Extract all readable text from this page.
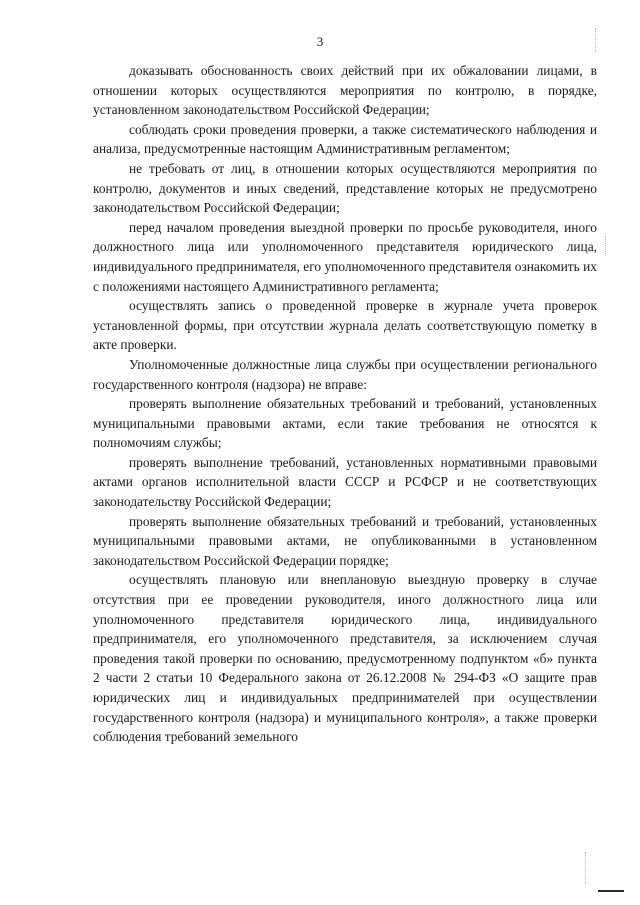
3

доказывать обоснованность своих действий при их обжаловании лицами, в отношении которых осуществляются мероприятия по контролю, в порядке, установленном законодательством Российской Федерации;

соблюдать сроки проведения проверки, а также систематического наблюдения и анализа, предусмотренные настоящим Административным регламентом;

не требовать от лиц, в отношении которых осуществляются мероприятия по контролю, документов и иных сведений, представление которых не предусмотрено законодательством Российской Федерации;

перед началом проведения выездной проверки по просьбе руководителя, иного должностного лица или уполномоченного представителя юридического лица, индивидуального предпринимателя, его уполномоченного представителя ознакомить их с положениями настоящего Административного регламента;

осуществлять запись о проведенной проверке в журнале учета проверок установленной формы, при отсутствии журнала делать соответствующую пометку в акте проверки.

Уполномоченные должностные лица службы при осуществлении регионального государственного контроля (надзора) не вправе:

проверять выполнение обязательных требований и требований, установленных муниципальными правовыми актами, если такие требования не относятся к полномочиям службы;

проверять выполнение требований, установленных нормативными правовыми актами органов исполнительной власти СССР и РСФСР и не соответствующих законодательству Российской Федерации;

проверять выполнение обязательных требований и требований, установленных муниципальными правовыми актами, не опубликованными в установленном законодательством Российской Федерации порядке;

осуществлять плановую или внеплановую выездную проверку в случае отсутствия при ее проведении руководителя, иного должностного лица или уполномоченного представителя юридического лица, индивидуального предпринимателя, его уполномоченного представителя, за исключением случая проведения такой проверки по основанию, предусмотренному подпунктом «б» пункта 2 части 2 статьи 10 Федерального закона от 26.12.2008 № 294-ФЗ «О защите прав юридических лиц и индивидуальных предпринимателей при осуществлении государственного контроля (надзора) и муниципального контроля», а также проверки соблюдения требований земельного
